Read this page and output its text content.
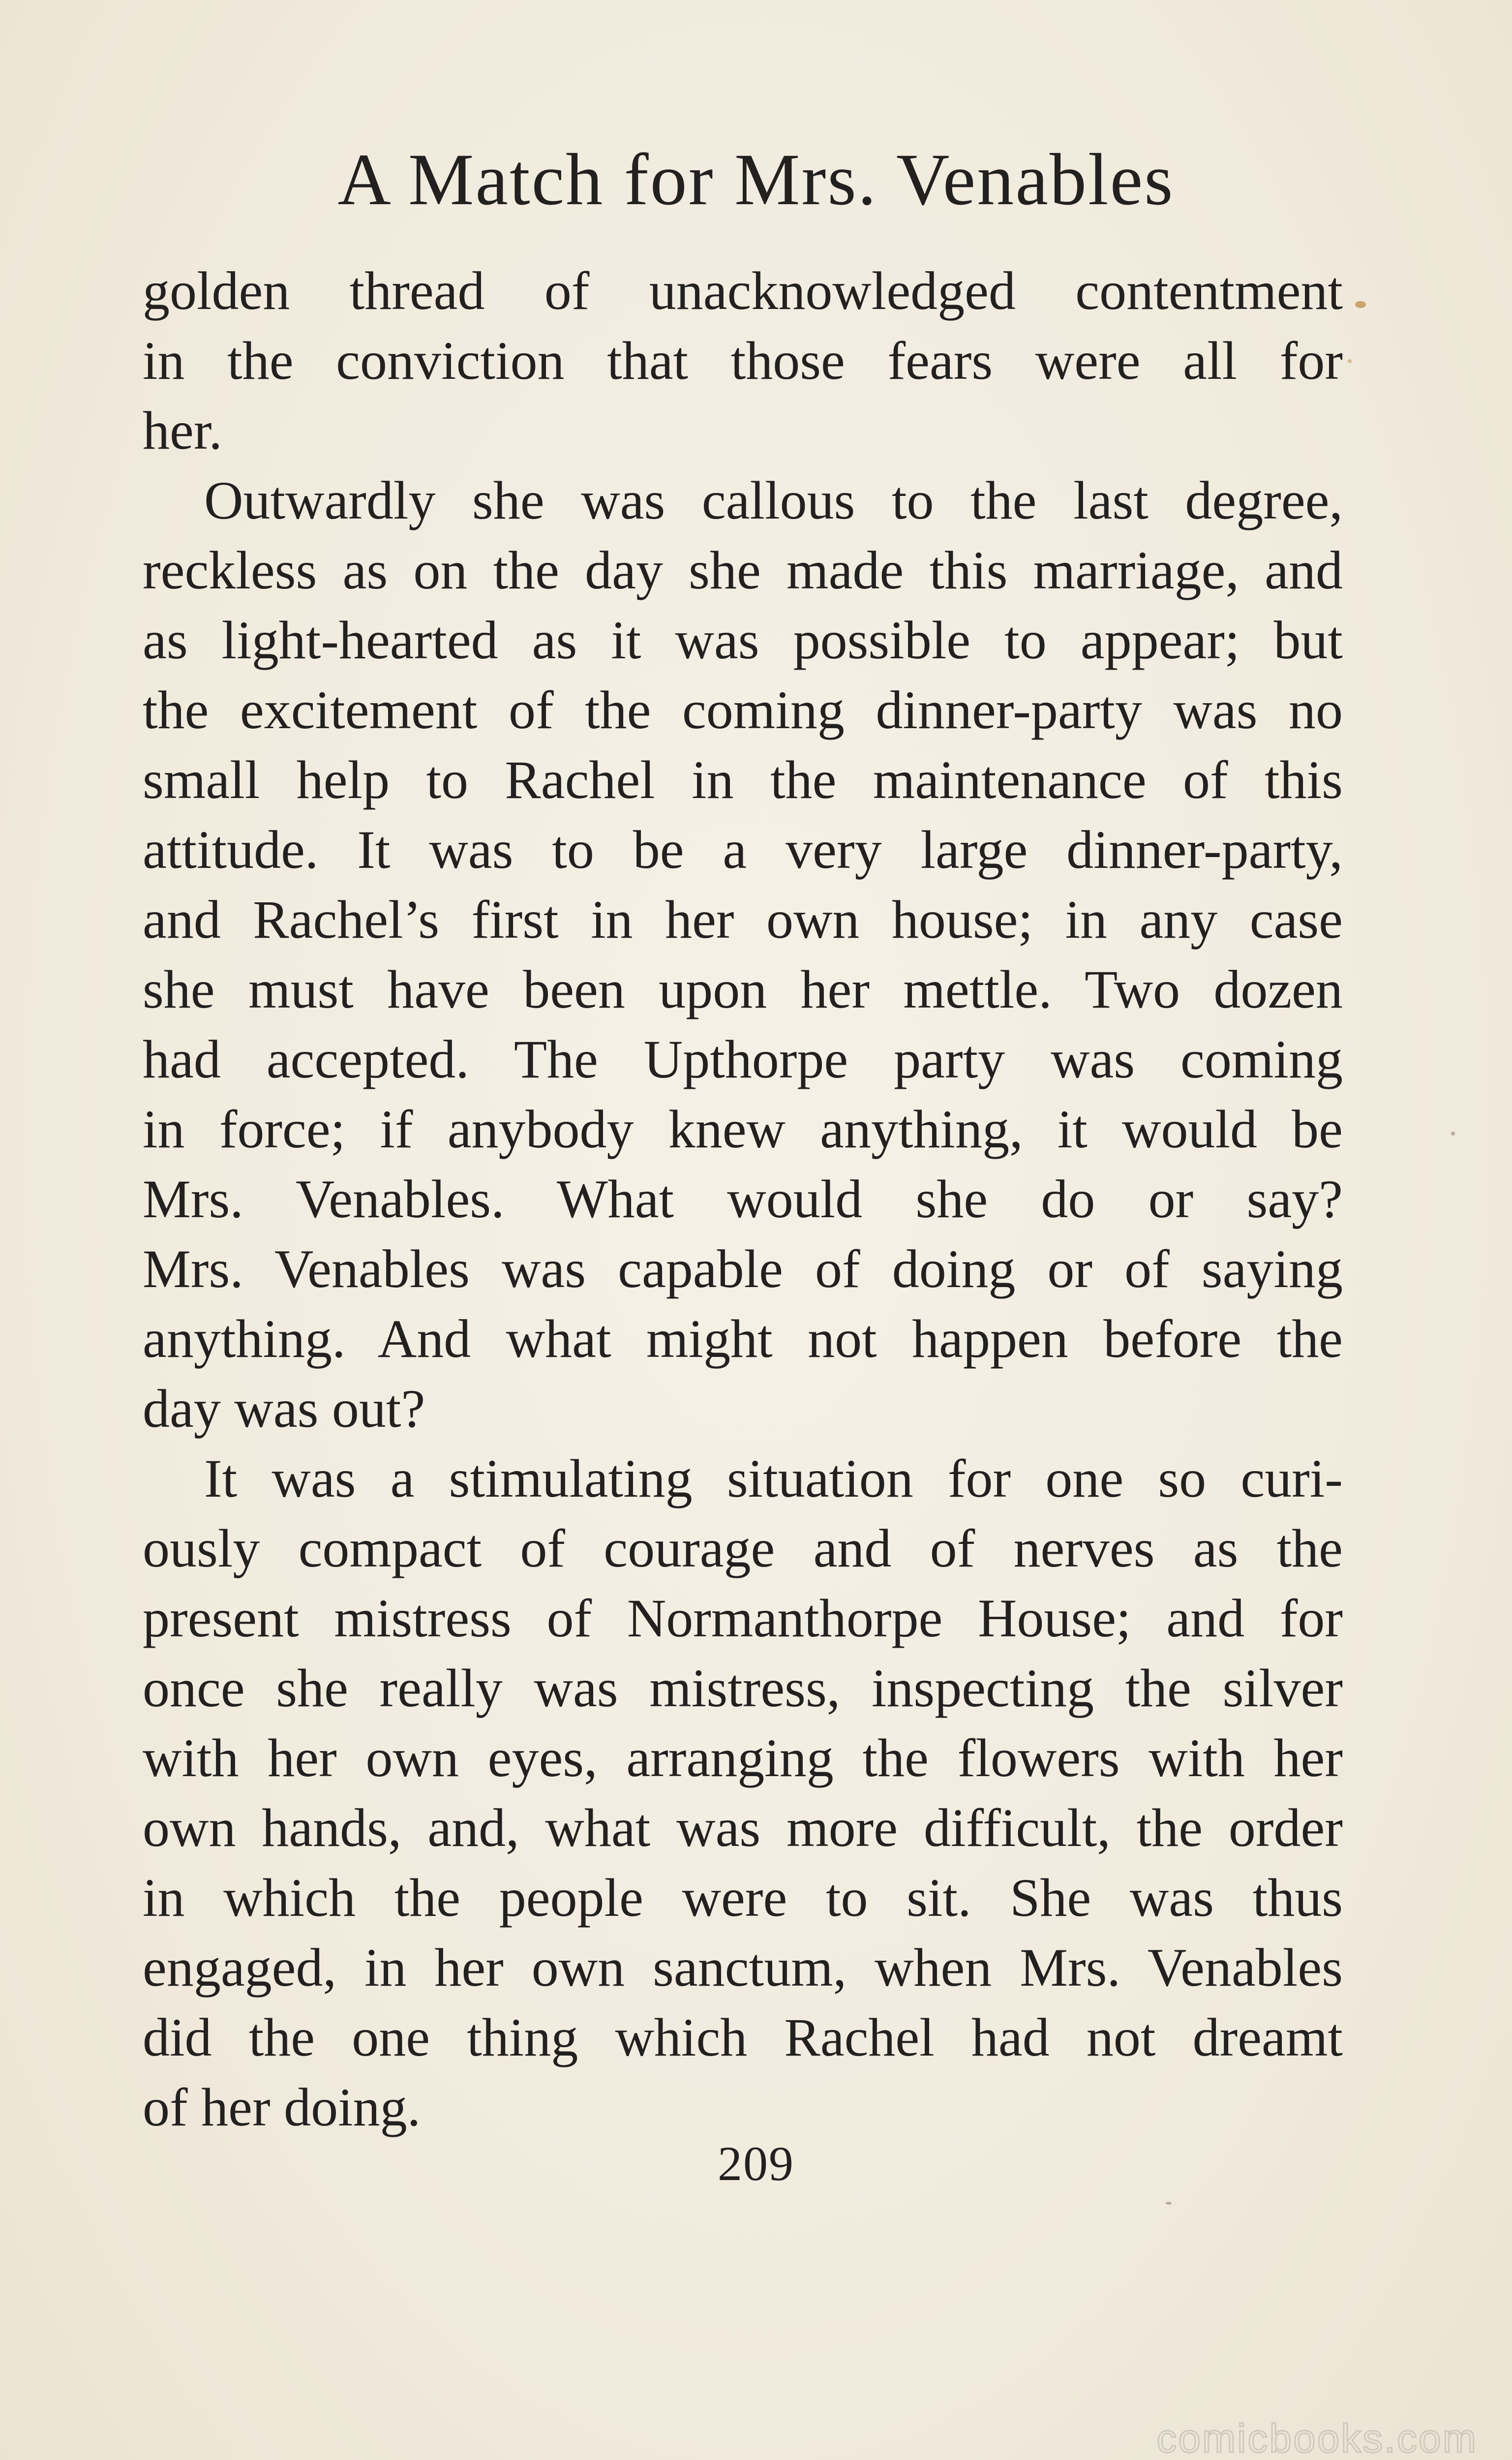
A Match for Mrs. Venables
golden thread of unacknowledged contentment
in the conviction that those fears were all for
her.
Outwardly she was callous to the last degree,
reckless as on the day she made this marriage, and
as light-hearted as it was possible to appear; but
the excitement of the coming dinner-party was no
small help to Rachel in the maintenance of this
attitude. It was to be a very large dinner-party,
and Rachel’s first in her own house; in any case
she must have been upon her mettle. Two dozen
had accepted. The Upthorpe party was coming
in force; if anybody knew anything, it would be
Mrs. Venables. What would she do or say?
Mrs. Venables was capable of doing or of saying
anything. And what might not happen before the
day was out?
It was a stimulating situation for one so curi-
ously compact of courage and of nerves as the
present mistress of Normanthorpe House; and for
once she really was mistress, inspecting the silver
with her own eyes, arranging the flowers with her
own hands, and, what was more difficult, the order
in which the people were to sit. She was thus
engaged, in her own sanctum, when Mrs. Venables
did the one thing which Rachel had not dreamt
of her doing.
209
comicbooks.com
